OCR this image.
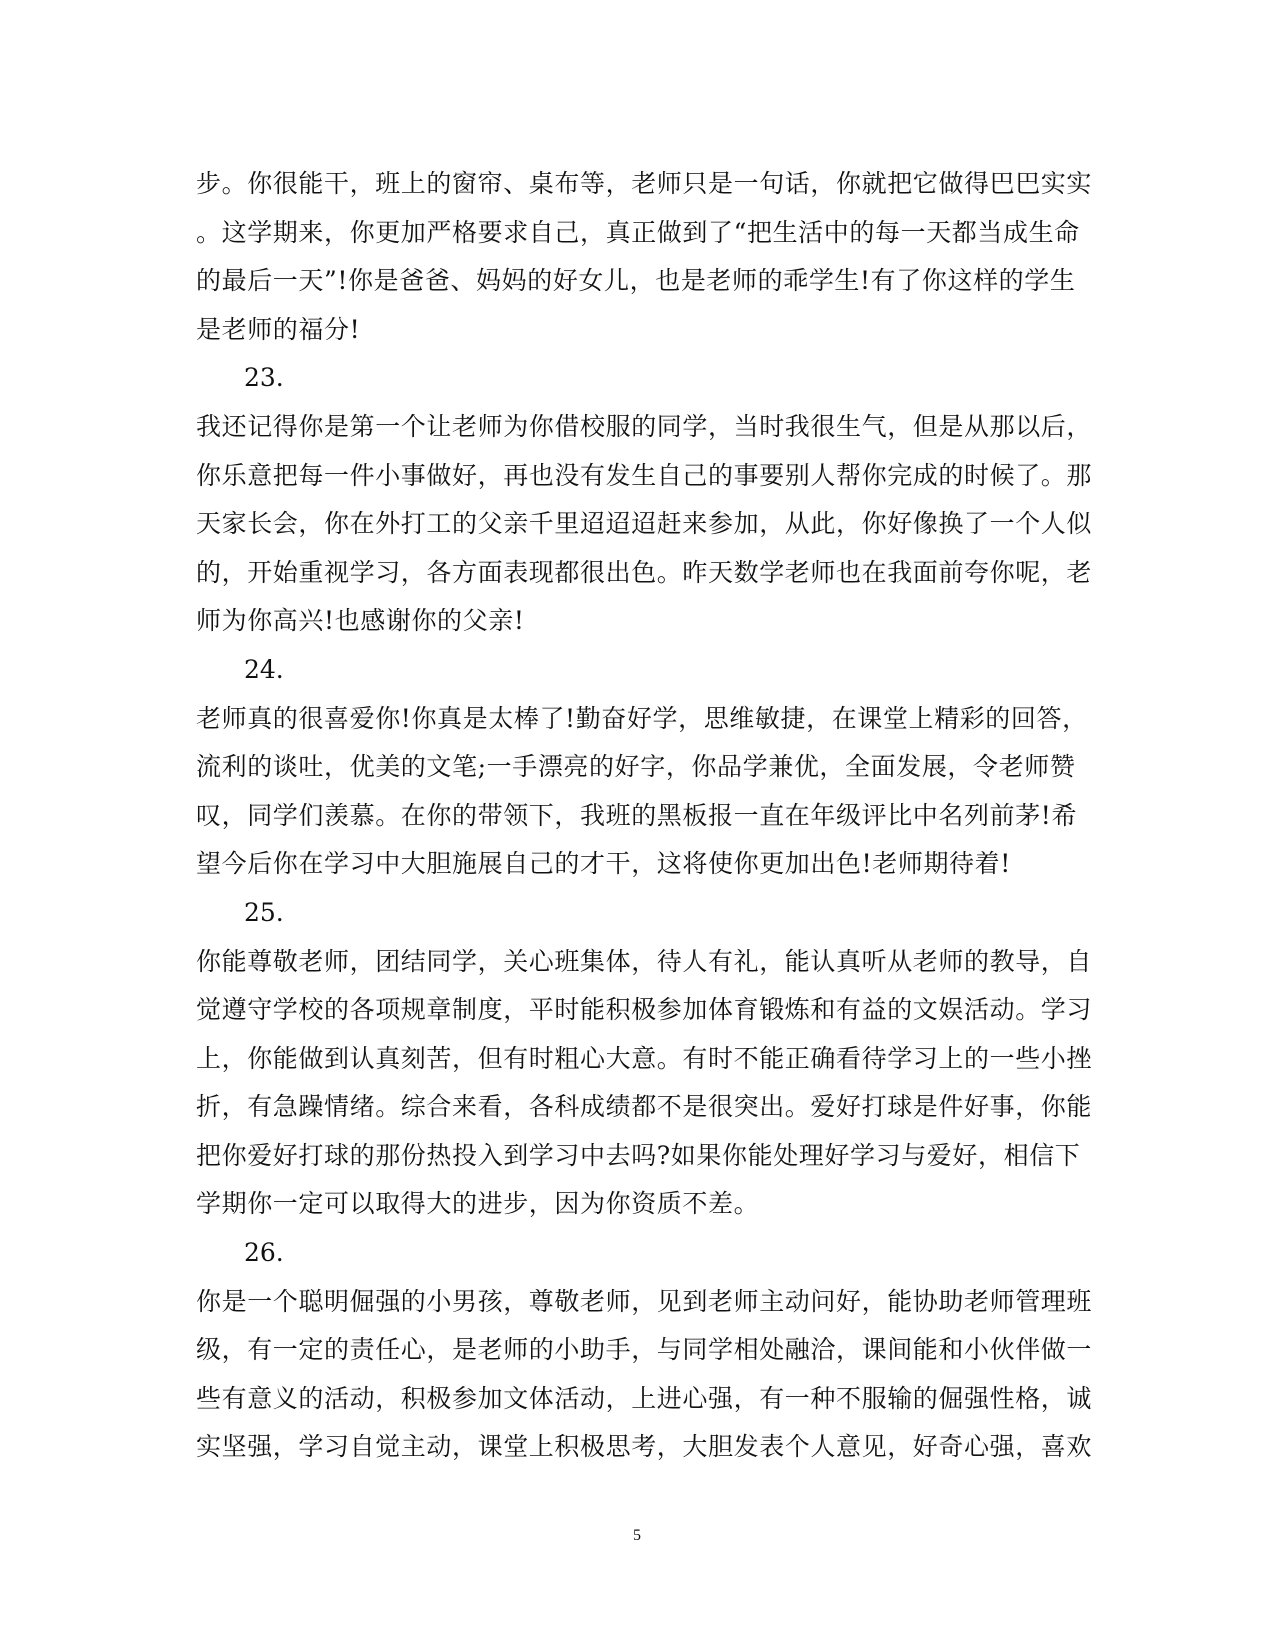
步。你很能干，班上的窗帘、桌布等，老师只是一句话，你就把它做得巴巴实实
。这学期来，你更加严格要求自己，真正做到了“把生活中的每一天都当成生命
的最后一天”!你是爸爸、妈妈的好女儿，也是老师的乖学生!有了你这样的学生
是老师的福分!
23.
我还记得你是第一个让老师为你借校服的同学，当时我很生气，但是从那以后，
你乐意把每一件小事做好，再也没有发生自己的事要别人帮你完成的时候了。那
天家长会，你在外打工的父亲千里迢迢迢赶来参加，从此，你好像换了一个人似
的，开始重视学习，各方面表现都很出色。昨天数学老师也在我面前夸你呢，老
师为你高兴!也感谢你的父亲!
24.
老师真的很喜爱你!你真是太棒了!勤奋好学，思维敏捷，在课堂上精彩的回答，
流利的谈吐，优美的文笔;一手漂亮的好字，你品学兼优，全面发展，令老师赞
叹，同学们羡慕。在你的带领下，我班的黑板报一直在年级评比中名列前茅!希
望今后你在学习中大胆施展自己的才干，这将使你更加出色!老师期待着!
25.
你能尊敬老师，团结同学，关心班集体，待人有礼，能认真听从老师的教导，自
觉遵守学校的各项规章制度，平时能积极参加体育锻炼和有益的文娱活动。学习
上，你能做到认真刻苦，但有时粗心大意。有时不能正确看待学习上的一些小挫
折，有急躁情绪。综合来看，各科成绩都不是很突出。爱好打球是件好事，你能
把你爱好打球的那份热投入到学习中去吗?如果你能处理好学习与爱好，相信下
学期你一定可以取得大的进步，因为你资质不差。
26.
你是一个聪明倔强的小男孩，尊敬老师，见到老师主动问好，能协助老师管理班
级，有一定的责任心，是老师的小助手，与同学相处融洽，课间能和小伙伴做一
些有意义的活动，积极参加文体活动，上进心强，有一种不服输的倔强性格，诚
实坚强，学习自觉主动，课堂上积极思考，大胆发表个人意见，好奇心强，喜欢
5
